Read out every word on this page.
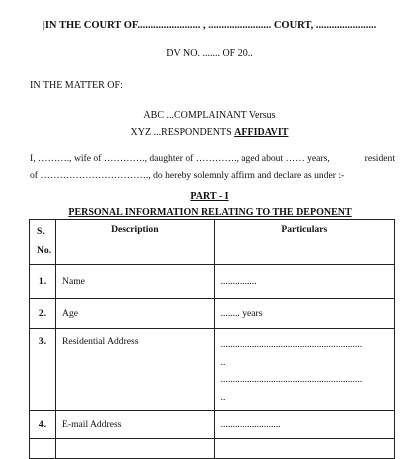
|IN THE COURT OF........................ , ........................ COURT, .......................
DV NO. ....... OF 20..
IN THE MATTER OF:
ABC ...COMPLAINANT Versus
XYZ ...RESPONDENTS AFFIDAVIT
I, ………., wife of …………., daughter of …………., aged about …… years,	resident
of ……………………………., do hereby solemnly affirm and declare as under :-
PART - I
PERSONAL INFORMATION RELATING TO THE DEPONENT
S. No.	Description	Particulars
1.	Name	...............
2.	Age	........ years
3.	Residential Address	...........................................................
..
...........................................................
..

4.	E-mail Address	.........................
